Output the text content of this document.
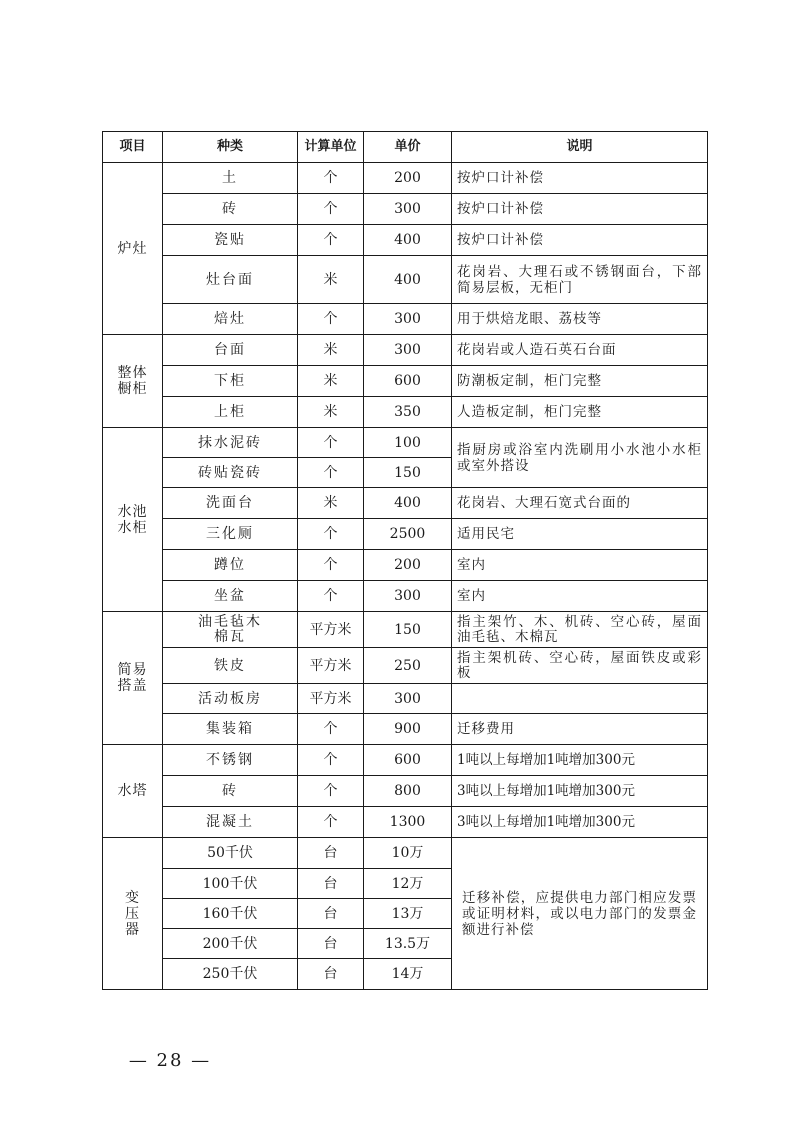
项目	种类	计算单位	单价	说明
炉灶	土	个	200	按炉口计补偿
	砖	个	300	按炉口计补偿
	瓷贴	个	400	按炉口计补偿
	灶台面	米	400	花岗岩、大理石或不锈钢面台，下部简易层板，无柜门
	焙灶	个	300	用于烘焙龙眼、荔枝等
整体橱柜	台面	米	300	花岗岩或人造石英石台面
	下柜	米	600	防潮板定制，柜门完整
	上柜	米	350	人造板定制，柜门完整
水池水柜	抹水泥砖	个	100	指厨房或浴室内洗刷用小水池小水柜或室外搭设
	砖贴瓷砖	个	150	
	洗面台	米	400	花岗岩、大理石宽式台面的
	三化厕	个	2500	适用民宅
	蹲位	个	200	室内
	坐盆	个	300	室内
简易搭盖	油毛毡木棉瓦	平方米	150	指主架竹、木、机砖、空心砖，屋面油毛毡、木棉瓦
	铁皮	平方米	250	指主架机砖、空心砖，屋面铁皮或彩板
	活动板房	平方米	300	
	集装箱	个	900	迁移费用
水塔	不锈钢	个	600	1吨以上每增加1吨增加300元
	砖	个	800	3吨以上每增加1吨增加300元
	混凝土	个	1300	3吨以上每增加1吨增加300元
变压器	50千伏	台	10万	迁移补偿，应提供电力部门相应发票或证明材料，或以电力部门的发票金额进行补偿
	100千伏	台	12万	
	160千伏	台	13万	
	200千伏	台	13.5万	
	250千伏	台	14万	
— 28 —
